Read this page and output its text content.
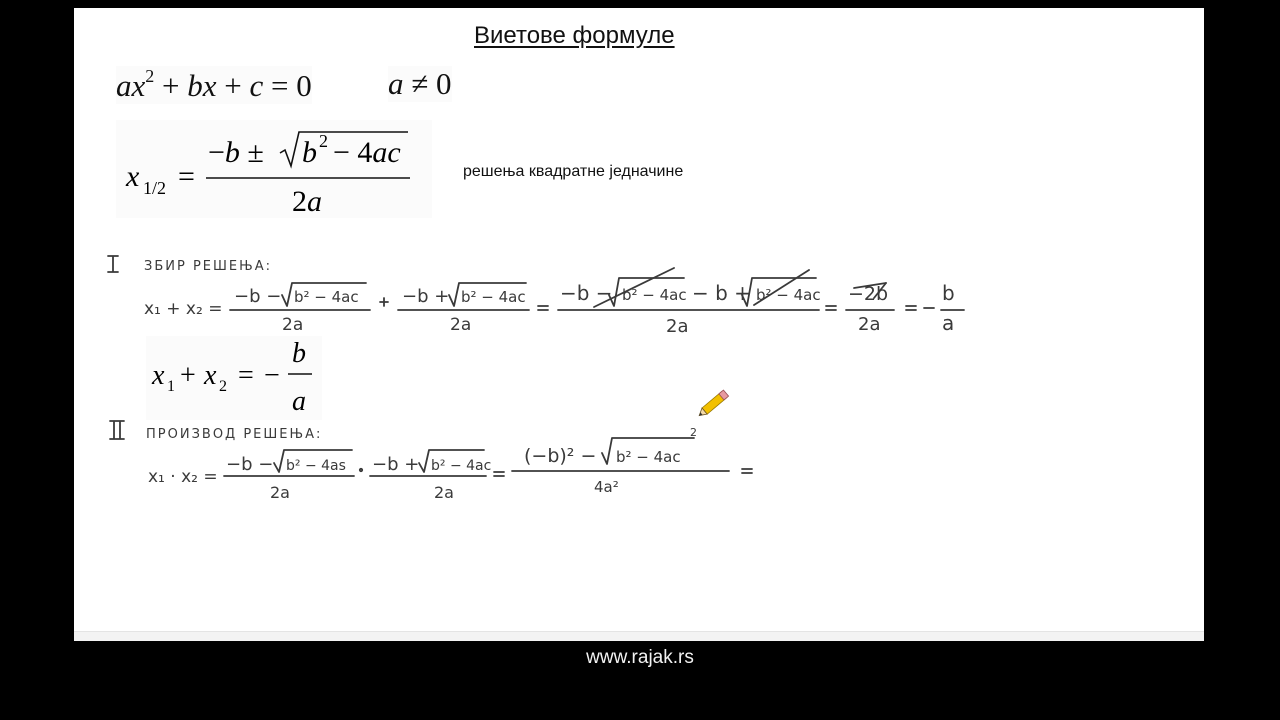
Виетове формуле
$ax^2$ + bx + c = 0 a ≠ 0
x 1/2 =
−b ± b 2 − 4ac
2a
решења квадратне једначине
x 1 + x 2 = −
b
a
ЗБИР РЕШЕЊА:
ПРОИЗВОД РЕШЕЊА:
x₁ + x₂ =
−b − b² − 4ac
2a
−b + b² − 4ac
2a
−b − b² − 4ac − b + b² − 4ac
2a
−2b
2a
b
a
x₁ · x₂ =
−b − b² − 4as
2a
−b + b² − 4ac
2a
(−b)² − b² − 4ac
2
4a²
www.rajak.rs
